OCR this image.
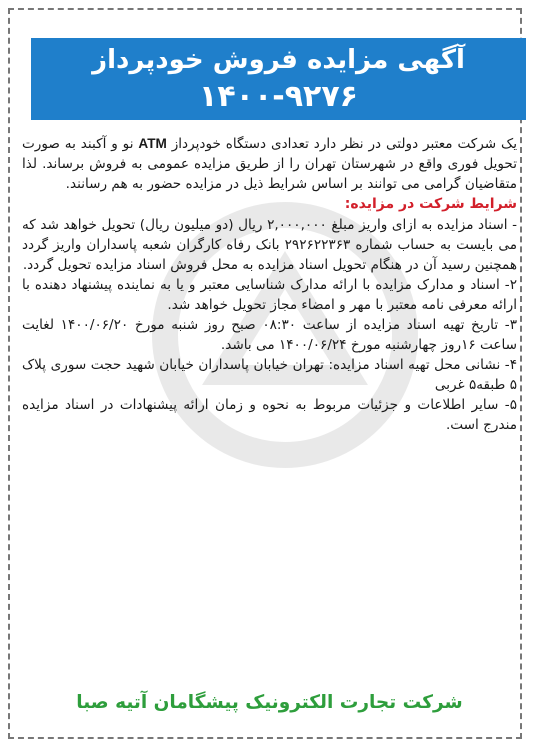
آگهی مزایده فروش خودپرداز
۱۴۰۰-۹۲۷۶

یک شرکت معتبر دولتی در نظر دارد تعدادی دستگاه خودپرداز ATM نو و آکبند به صورت تحویل فوری واقع در شهرستان تهران را از طریق مزایده عمومی به فروش برساند. لذا متقاضیان گرامی می توانند بر اساس شرایط ذیل در مزایده حضور به هم رسانند.

شرایط شرکت در مزایده:

- اسناد مزایده به ازای واریز مبلغ ۲,۰۰۰,۰۰۰ ریال (دو میلیون ریال) تحویل خواهد شد که می بایست به حساب شماره ۲۹۲۶۲۲۳۶۳ بانک رفاه کارگران شعبه پاسداران واریز گردد همچنین رسید آن در هنگام تحویل اسناد مزایده به محل فروش اسناد مزایده تحویل گردد.

۲- اسناد و مدارک مزایده با ارائه مدارک شناسایی معتبر و یا به نماینده پیشنهاد دهنده با ارائه معرفی نامه معتبر با مهر و امضاء مجاز تحویل خواهد شد.

۳- تاریخ تهیه اسناد مزایده از ساعت ۰۸:۳۰ صبح روز شنبه مورخ ۱۴۰۰/۰۶/۲۰ لغایت ساعت ۱۶روز چهارشنبه مورخ ۱۴۰۰/۰۶/۲۴ می باشد.

۴- نشانی محل تهیه اسناد مزایده: تهران خیابان پاسداران خیابان شهید حجت سوری پلاک ۵ طبقه۵ غربی

۵- سایر اطلاعات و جزئیات مربوط به نحوه و زمان ارائه پیشنهادات در اسناد مزایده مندرج است.

شرکت تجارت الکترونیک پیشگامان آتیه صبا
